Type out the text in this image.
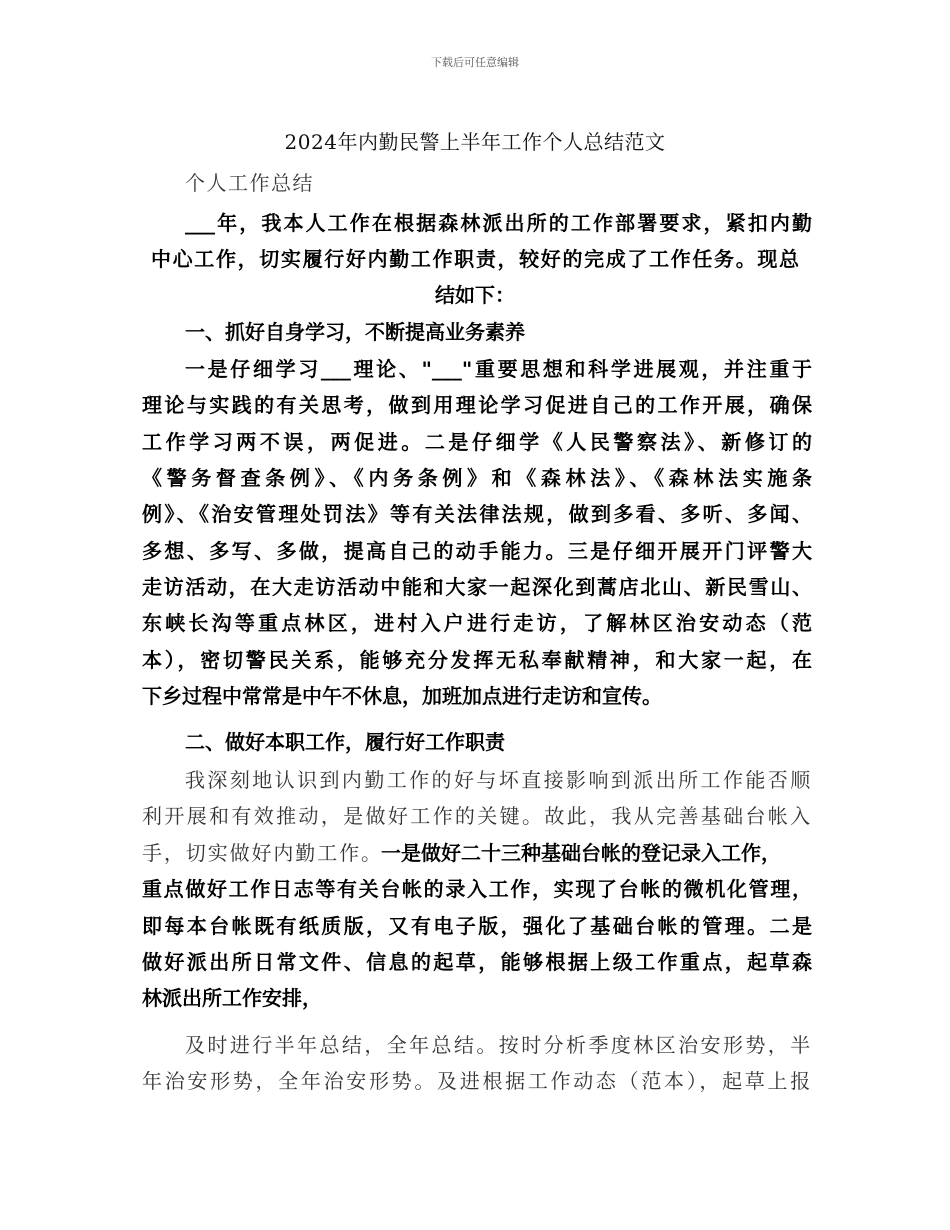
下载后可任意编辑
2024年内勤民警上半年工作个人总结范文
个人工作总结
___年，我本人工作在根据森林派出所的工作部署要求，紧扣内勤
中心工作，切实履行好内勤工作职责，较好的完成了工作任务。现总
结如下：
一、抓好自身学习，不断提高业务素养
一是仔细学习___理论、"___"重要思想和科学进展观，并注重于
理论与实践的有关思考，做到用理论学习促进自己的工作开展，确保
工作学习两不误，两促进。二是仔细学《人民警察法》、新修订的
《警务督查条例》、《内务条例》和《森林法》、《森林法实施条
例》、《治安管理处罚法》等有关法律法规，做到多看、多听、多闻、
多想、多写、多做，提高自己的动手能力。三是仔细开展开门评警大
走访活动，在大走访活动中能和大家一起深化到蒿店北山、新民雪山、
东峡长沟等重点林区，进村入户进行走访，了解林区治安动态（范
本），密切警民关系，能够充分发挥无私奉献精神，和大家一起，在
下乡过程中常常是中午不休息，加班加点进行走访和宣传。
二、做好本职工作，履行好工作职责
我深刻地认识到内勤工作的好与坏直接影响到派出所工作能否顺
利开展和有效推动，是做好工作的关键。故此，我从完善基础台帐入
手，切实做好内勤工作。
一是做好二十三种基础台帐的登记录入工作，
重点做好工作日志等有关台帐的录入工作，实现了台帐的微机化管理，
即每本台帐既有纸质版，又有电子版，强化了基础台帐的管理。二是
做好派出所日常文件、信息的起草，能够根据上级工作重点，起草森
林派出所工作安排，
及时进行半年总结，全年总结。按时分析季度林区治安形势，半
年治安形势，全年治安形势。及进根据工作动态（范本），起草上报
